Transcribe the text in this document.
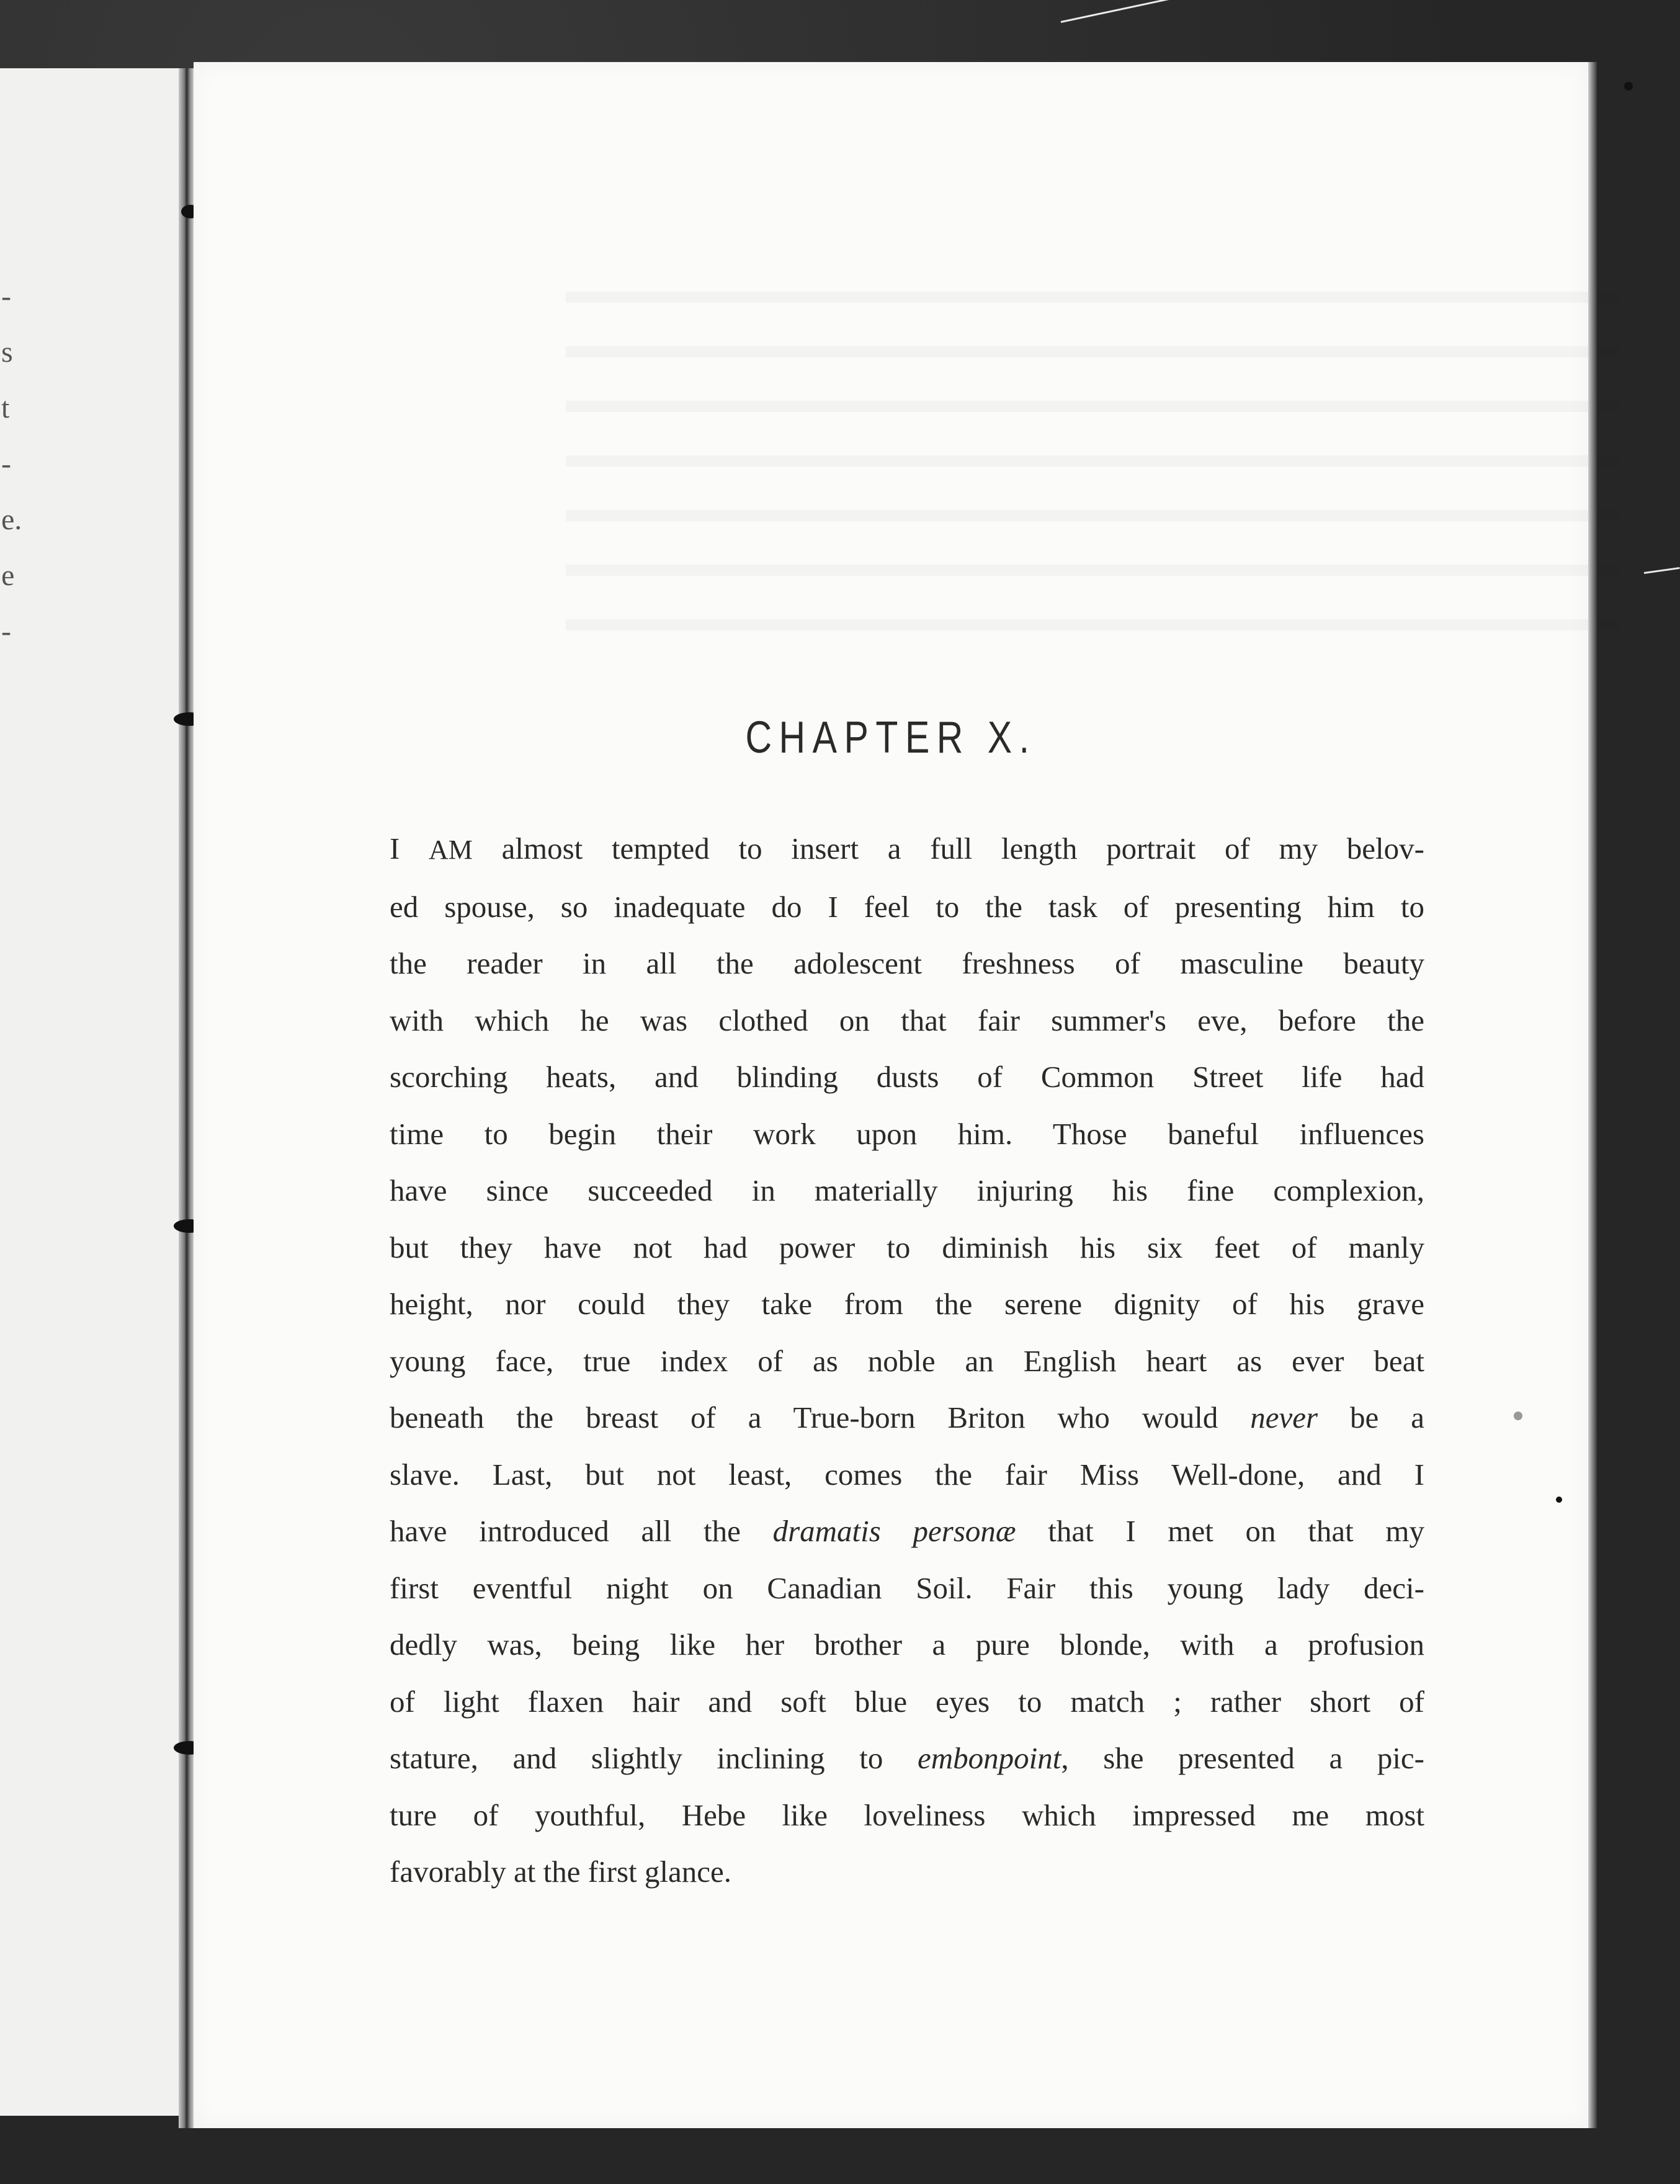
-
s
t
-
e.
e
-
CHAPTER X.
I AM almost tempted to insert a full length portrait of my belov-
ed spouse, so inadequate do I feel to the task of presenting him to
the reader in all the adolescent freshness of masculine beauty
with which he was clothed on that fair summer's eve, before the
scorching heats, and blinding dusts of Common Street life had
time to begin their work upon him. Those baneful influences
have since succeeded in materially injuring his fine complexion,
but they have not had power to diminish his six feet of manly
height, nor could they take from the serene dignity of his grave
young face, true index of as noble an English heart as ever beat
beneath the breast of a True-born Briton who would never be a
slave. Last, but not least, comes the fair Miss Well-done, and I
have introduced all the dramatis personæ that I met on that my
first eventful night on Canadian Soil. Fair this young lady deci-
dedly was, being like her brother a pure blonde, with a profusion
of light flaxen hair and soft blue eyes to match ; rather short of
stature, and slightly inclining to embonpoint, she presented a pic-
ture of youthful, Hebe like loveliness which impressed me most
favorably at the first glance.
